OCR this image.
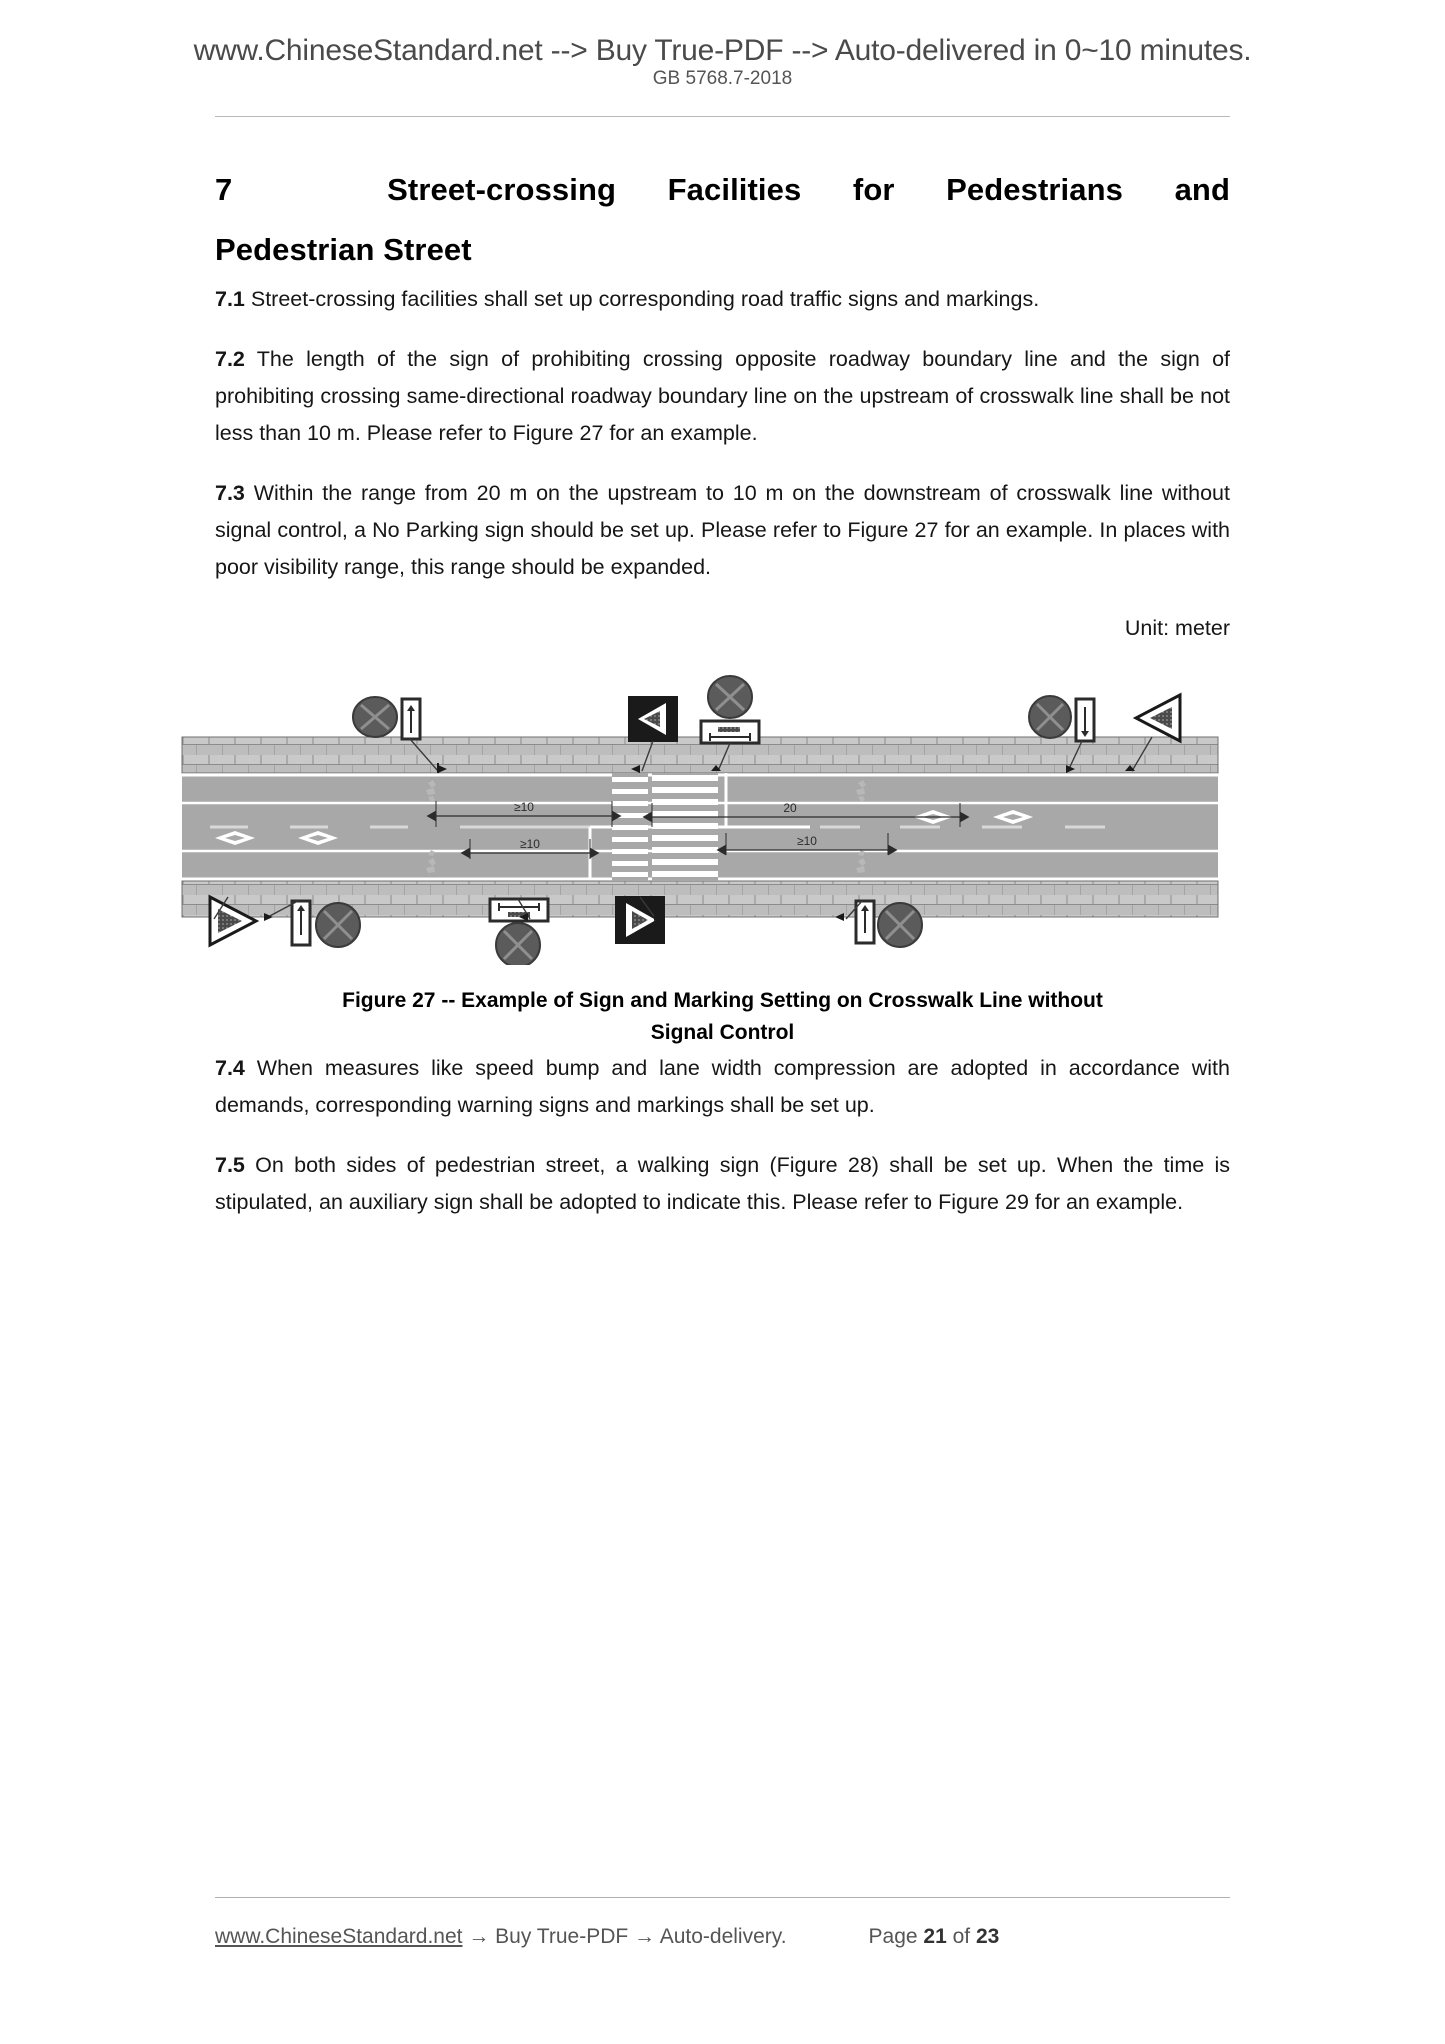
www.ChineseStandard.net --> Buy True-PDF --> Auto-delivered in 0~10 minutes.
GB 5768.7-2018
7	Street-crossing Facilities for Pedestrians and
Pedestrian Street

7.1 Street-crossing facilities shall set up corresponding road traffic signs and markings.

7.2 The length of the sign of prohibiting crossing opposite roadway boundary line and the sign of prohibiting crossing same-directional roadway boundary line on the upstream of crosswalk line shall be not less than 10 m. Please refer to Figure 27 for an example.

7.3 Within the range from 20 m on the upstream to 10 m on the downstream of crosswalk line without signal control, a No Parking sign should be set up. Please refer to Figure 27 for an example. In places with poor visibility range, this range should be expanded.

Unit: meter

≥10
≥10
20
≥10

Figure 27 -- Example of Sign and Marking Setting on Crosswalk Line without
Signal Control

7.4 When measures like speed bump and lane width compression are adopted in accordance with demands, corresponding warning signs and markings shall be set up.

7.5 On both sides of pedestrian street, a walking sign (Figure 28) shall be set up. When the time is stipulated, an auxiliary sign shall be adopted to indicate this. Please refer to Figure 29 for an example.

www.ChineseStandard.net → Buy True-PDF → Auto-delivery.	Page 21 of 23
